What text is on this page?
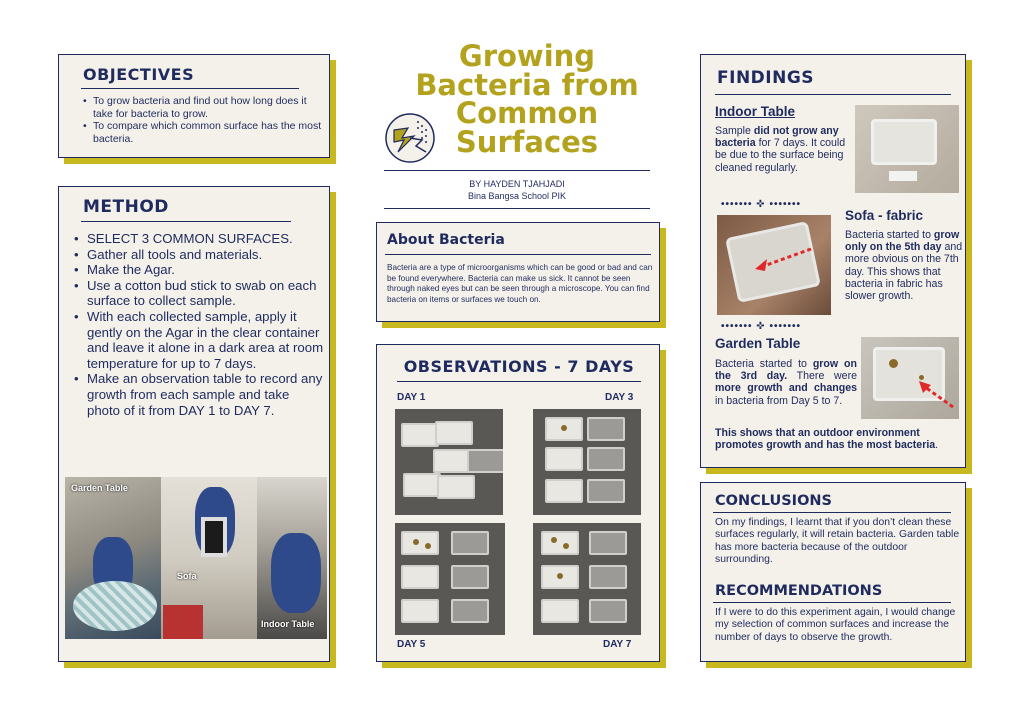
Growing
Bacteria from
Common
Surfaces
BY HAYDEN TJAHJADI
Bina Bangsa School PIK
OBJECTIVES
• To grow bacteria and find out how long does it take for bacteria to grow.
• To compare which common surface has the most bacteria.
METHOD
• SELECT 3 COMMON SURFACES.
• Gather all tools and materials.
• Make the Agar.
• Use a cotton bud stick to swab on each surface to collect sample.
• With each collected sample, apply it gently on the Agar in the clear container and leave it alone in a dark area at room temperature for up to 7 days.
• Make an observation table to record any growth from each sample and take photo of it from DAY 1 to DAY 7.
Garden Table
Sofa
Indoor Table
About Bacteria

Bacteria are a type of microorganisms which can be good or bad and can be found everywhere. Bacteria can make us sick. It cannot be seen through naked eyes but can be seen through a microscope. You can find bacteria on items or surfaces we touch on.

OBSERVATIONS - 7 DAYS
DAY 1	DAY 3
DAY 5	DAY 7
FINDINGS
Indoor Table
Sample did not grow any bacteria for 7 days. It could be due to the surface being cleaned regularly.
••••••• ✜ •••••••
Sofa - fabric
Bacteria started to grow only on the 5th day and more obvious on the 7th day. This shows that bacteria in fabric has slower growth.
••••••• ✜ •••••••
Garden Table
Bacteria started to grow on the 3rd day. There were more growth and changes in bacteria from Day 5 to 7.
This shows that an outdoor environment promotes growth and has the most bacteria.
CONCLUSIONS

On my findings, I learnt that if you don’t clean these surfaces regularly, it will retain bacteria. Garden table has more bacteria because of the outdoor surrounding.

RECOMMENDATIONS

If I were to do this experiment again, I would change my selection of common surfaces and increase the number of days to observe the growth.
